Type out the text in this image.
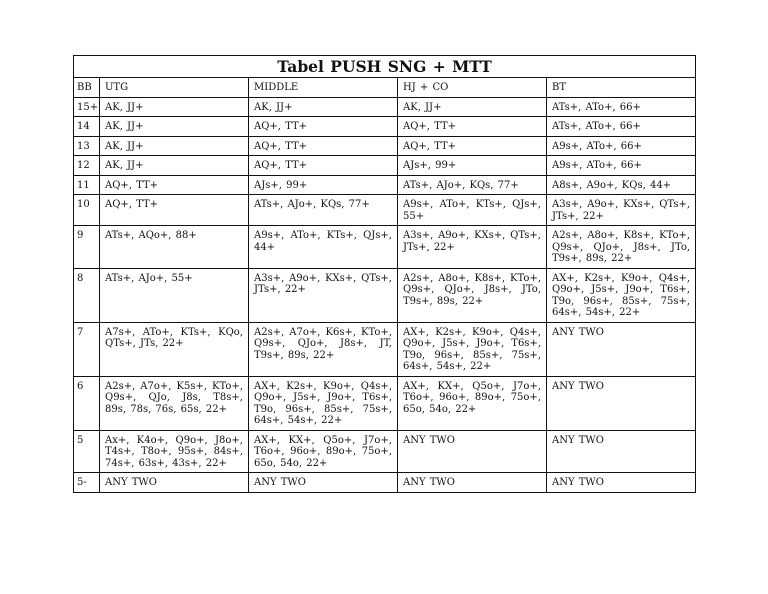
Tabel PUSH SNG + MTT				
BB	UTG	MIDDLE	HJ + CO	BT
15+	AK, JJ+	AK, JJ+	AK, JJ+	ATs+, ATo+, 66+
14	AK, JJ+	AQ+, TT+	AQ+, TT+	ATs+, ATo+, 66+
13	AK, JJ+	AQ+, TT+	AQ+, TT+	A9s+, ATo+, 66+
12	AK, JJ+	AQ+, TT+	AJs+, 99+	A9s+, ATo+, 66+
11	AQ+, TT+	AJs+, 99+	ATs+, AJo+, KQs, 77+	A8s+, A9o+, KQs, 44+
10	AQ+, TT+	ATs+, AJo+, KQs, 77+	A9s+, ATo+, KTs+, QJs+, 55+	A3s+, A9o+, KXs+, QTs+, JTs+, 22+
9	ATs+, AQo+, 88+	A9s+, ATo+, KTs+, QJs+, 44+	A3s+, A9o+, KXs+, QTs+, JTs+, 22+	A2s+, A8o+, K8s+, KTo+, Q9s+, QJo+, J8s+, JTo, T9s+, 89s, 22+
8	ATs+, AJo+, 55+	A3s+, A9o+, KXs+, QTs+, JTs+, 22+	A2s+, A8o+, K8s+, KTo+, Q9s+, QJo+, J8s+, JTo, T9s+, 89s, 22+	AX+, K2s+, K9o+, Q4s+, Q9o+, J5s+, J9o+, T6s+, T9o, 96s+, 85s+, 75s+, 64s+, 54s+, 22+
7	A7s+, ATo+, KTs+, KQo, QTs+, JTs, 22+	A2s+, A7o+, K6s+, KTo+, Q9s+, QJo+, J8s+, JT, T9s+, 89s, 22+	AX+, K2s+, K9o+, Q4s+, Q9o+, J5s+, J9o+, T6s+, T9o, 96s+, 85s+, 75s+, 64s+, 54s+, 22+	ANY TWO
6	A2s+, A7o+, K5s+, KTo+, Q9s+, QJo, J8s, T8s+, 89s, 78s, 76s, 65s, 22+	AX+, K2s+, K9o+, Q4s+, Q9o+, J5s+, J9o+, T6s+, T9o, 96s+, 85s+, 75s+, 64s+, 54s+, 22+	AX+, KX+, Q5o+, J7o+, T6o+, 96o+, 89o+, 75o+, 65o, 54o, 22+	ANY TWO
5	Ax+, K4o+, Q9o+, J8o+, T4s+, T8o+, 95s+, 84s+, 74s+, 63s+, 43s+, 22+	AX+, KX+, Q5o+, J7o+, T6o+, 96o+, 89o+, 75o+, 65o, 54o, 22+	ANY TWO	ANY TWO
5-	ANY TWO	ANY TWO	ANY TWO	ANY TWO
